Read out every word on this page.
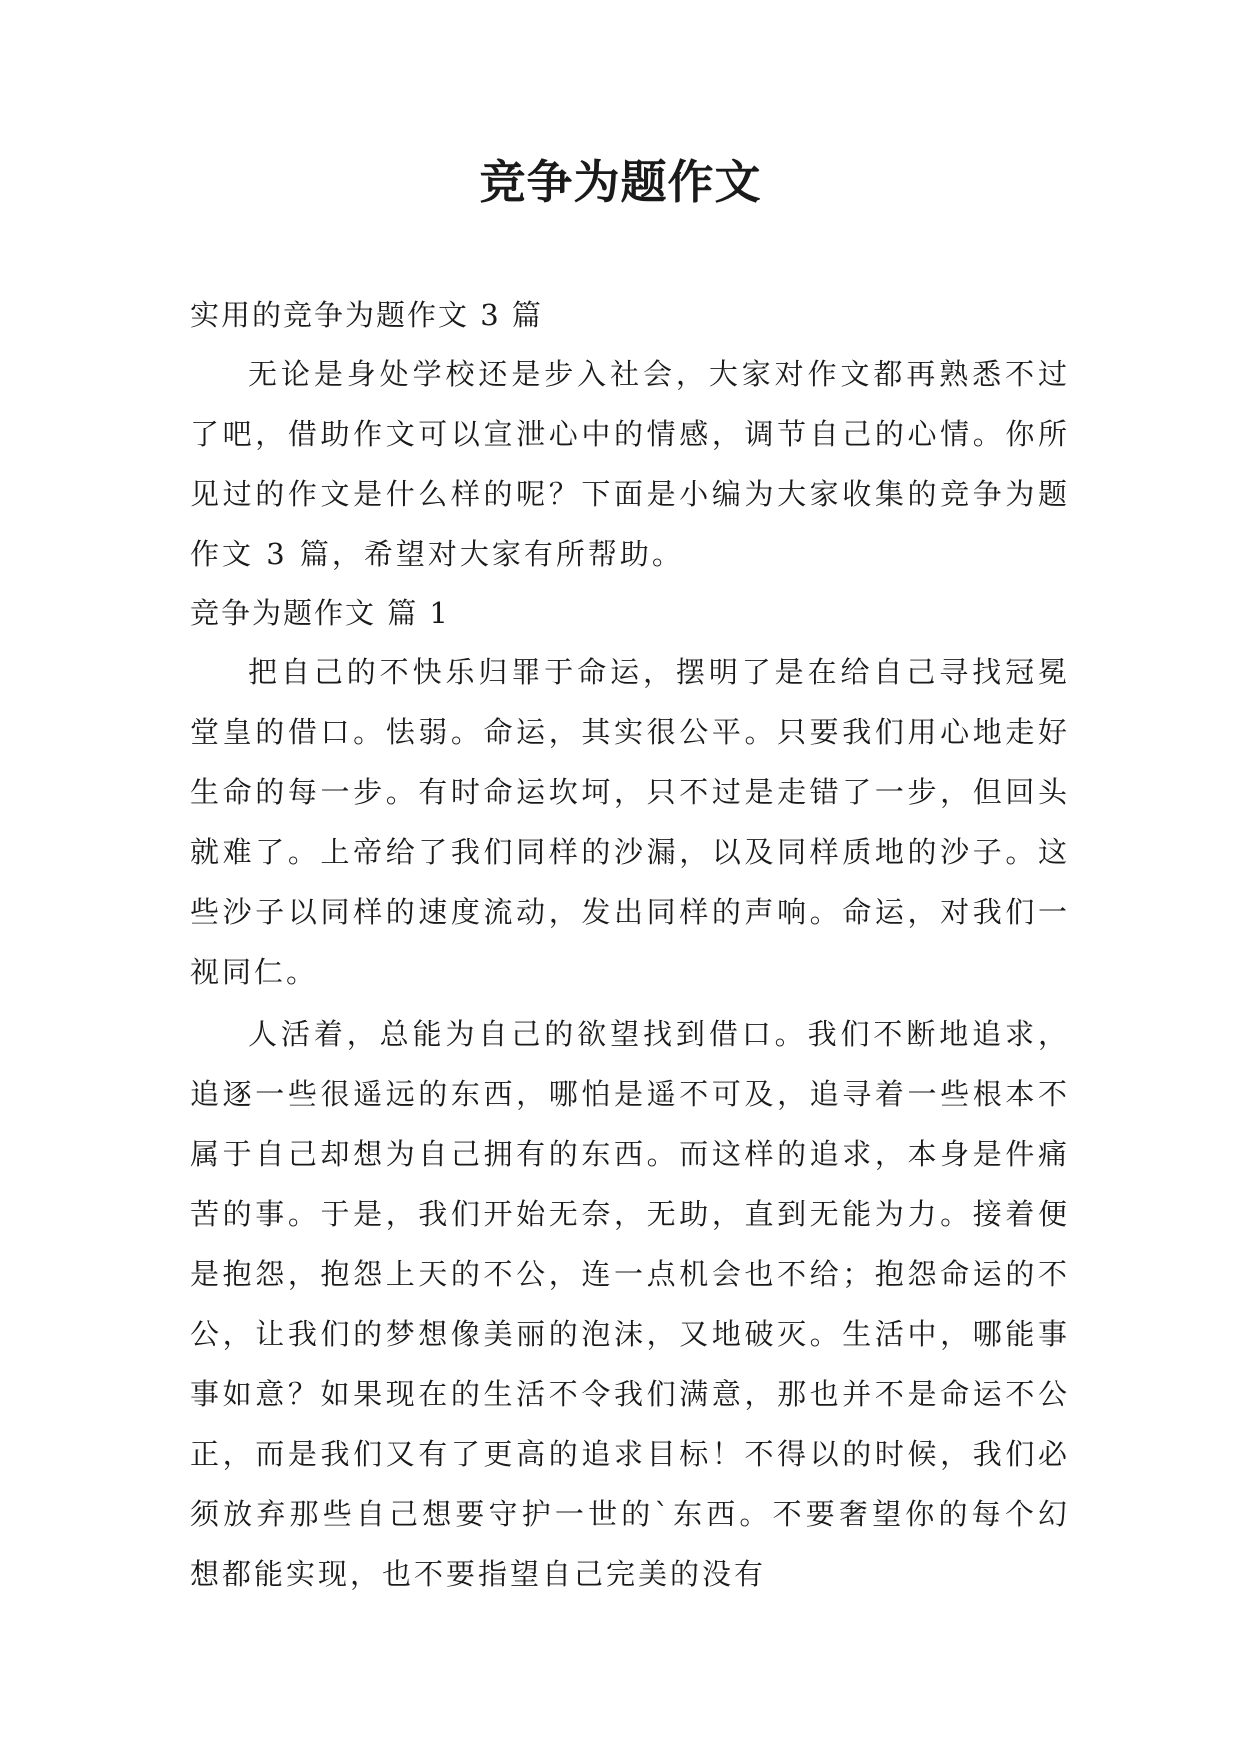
竞争为题作文

实用的竞争为题作文 3 篇

无论是身处学校还是步入社会，大家对作文都再熟悉不过了吧，借助作文可以宣泄心中的情感，调节自己的心情。你所见过的作文是什么样的呢？下面是小编为大家收集的竞争为题作文 3 篇，希望对大家有所帮助。

竞争为题作文 篇 1

把自己的不快乐归罪于命运，摆明了是在给自己寻找冠冕堂皇的借口。怯弱。命运，其实很公平。只要我们用心地走好生命的每一步。有时命运坎坷，只不过是走错了一步，但回头就难了。上帝给了我们同样的沙漏，以及同样质地的沙子。这些沙子以同样的速度流动，发出同样的声响。命运，对我们一视同仁。

人活着，总能为自己的欲望找到借口。我们不断地追求，追逐一些很遥远的东西，哪怕是遥不可及，追寻着一些根本不属于自己却想为自己拥有的东西。而这样的追求，本身是件痛苦的事。于是，我们开始无奈，无助，直到无能为力。接着便是抱怨，抱怨上天的不公，连一点机会也不给；抱怨命运的不公，让我们的梦想像美丽的泡沫，又地破灭。生活中，哪能事事如意？如果现在的生活不令我们满意，那也并不是命运不公正，而是我们又有了更高的追求目标！不得以的时候，我们必须放弃那些自己想要守护一世的`东西。不要奢望你的每个幻想都能实现，也不要指望自己完美的没有
